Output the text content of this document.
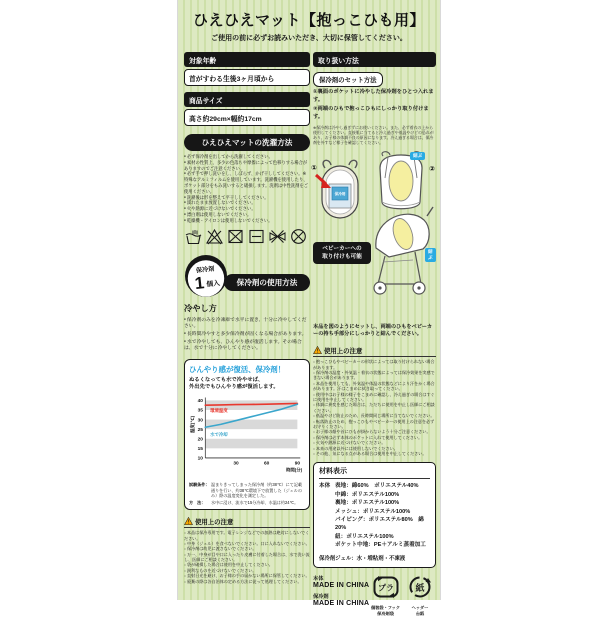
ひえひえマット【抱っこひも用】
ご使用の前に必ずお読みいただき、大切に保管してください。
対象年齢
首がすわる生後3ヶ月頃から
商品サイズ
高さ約29cm×幅約17cm
ひえひえマットの洗濯方法
● 必ず保冷剤を出してから洗濯してください。
● 素材の性質上、多少の色落ちや摩擦によって色移りする場合がありますのでご注意ください。
● 必ず手で押し洗いをし、しぼらず、かげ干ししてください。※特殊なアルミフィルムを使用しています。洗濯機を使用したり、ポケット部分をもみ洗いすると破損します。洗剤は中性洗剤をご使用ください。
● 洗濯後は形を整えて平干ししてください。
● 濡れたまま放置しないでください。
● 火や熱源に近づけないでください。
● 漂白剤は使用しないでください。
● 乾燥機・アイロンは使用しないでください。
保冷剤
1 個入	保冷剤の使用方法
冷やし方
● 保冷剤のみを冷凍庫で水平に置き、十分に冷やしてください。
● 長時間冷やすと多少保冷剤が固くなる場合があります。
● 水で冷やしても、ひんやり感が復活します。その場合は、水で十分に冷やしてください。
ひんやり感が復活、保冷剤！
ぬるくなっても水で冷やせば、
外出先でもひんやり感が復活します。
10
15
20
25
30
35
40
30	60	90
時間(分)
温度(℃)
環境温度
水で冷却
試験条件： 温まりきってしまった保冷剤（約38℃）にて記載通りを行い、約38℃環境下で放置した（ジェルのみ）際の温度変化を測定した。
方　法：	水中に浸け、流水で15分冷却、水温は約24℃。
! 使用上の注意
○ 本品は保冷専用です。電子レンジなどでの加熱は絶対にしないでください。
○ 中身（ジェル）を食べないでください。口に入れないでください。
○ 保冷剤は幼児に渡さないでください。
○ 万一、中身が目や口に入ったり皮膚に付着した場合は、水で洗い流し、医師にご相談ください。
○ 袋が破損した場合は使用を中止してください。
○ 鋭利なものを近づけないでください。
○ 直射日光を避け、お子様の手の届かない場所に保管してください。
○ 廃棄の際は各自治体の定める方法に従って処理してください。
取り扱い方法
保冷剤のセット方法
①裏面のポケットに冷やした保冷剤をひとつ入れます。
②両端のひもで抱っこひもにしっかり取り付けます。
※保冷剤は冷やし過ぎずにお使いください。また、必ず着衣の上から使用してください。直接肌に当てると冷え過ぎや低温やけどの恐れがあり、お子様の体調不良の原因になります。冷え過ぎる場合は、保冷剤を外すなど様子を確認してください。
保冷剤
①
結ぶ
②
ベビーカーへの
取り付けも可能
結ぶ
本品を図のようにセットし、両端のひもをベビーカーの持ち手部分にしっかりと結んでください。
! 使用上の注意
○ 抱っこひもやベビーカーの形状によっては取り付けられない場合があります。
○ 保冷剤の温度・外気温・着衣の状態によっては保冷効果を実感できない場合があります。
○ 本品を使用しても、外気温や体温の状態などにより汗をかく場合があります。汗はこまめに拭き取ってください。
○ 使用中はお子様の様子をこまめに確認し、冷え過ぎの場合はすぐに使用を中止してください。
○ 体調に異変を感じた場合は、ただちに使用を中止し医師にご相談ください。
○ 低温やけど防止のため、長時間同じ場所に当てないでください。
○ 転落防止のため、抱っこひもやベビーカーの使用上の注意を必ずお守りください。
○ お子様の顔や首にひもが掛からないよう十分ご注意ください。
○ 保冷剤は必ず本体のポケットに入れて使用してください。
○ 火気や熱源に近づけないでください。
○ 本来の用途以外には使用しないでください。
○ その他、気になる点がある場合は使用を中止してください。
材料表示
本体 表地：綿60%　ポリエステル40%
中綿：ポリエステル100%
裏地：ポリエステル100%
メッシュ：ポリエステル100%
パイピング：ポリエステル80%　綿20%
紐：ポリエステル100%
ポケット中地：PE＋アルミ蒸着加工
保冷剤ジェル：水・増粘剤・不凍液
本体
MADE IN CHINA
保冷剤
MADE IN CHINA
プラ
個装袋・フック
保冷剤袋
紙
ヘッダー
台紙
